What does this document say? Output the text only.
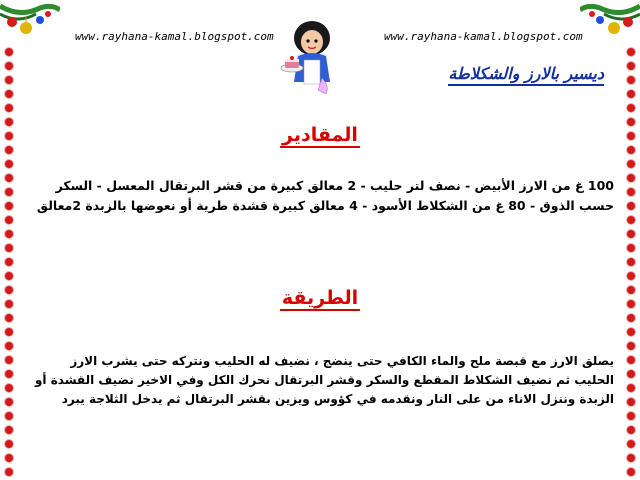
www.rayhana-kamal.blogspot.com	www.rayhana-kamal.blogspot.com
ديسير بالارز والشكلاطة
المقادير
100 غ من الارز الأبيض - نصف لتر حليب - 2 معالق كبيرة من قشر البرتقال المعسل - السكر
حسب الذوق - 80 غ من الشكلاط الأسود - 4 معالق كبيرة قشدة طرية أو نعوضها بالزبدة 2معالق
الطريقة
يصلق الارز مع قبصة ملح والماء الكافي حتى ينضج ، نضيف له الحليب ونتركه حتى يشرب الارز
الحليب ثم نضيف الشكلاط المقطع والسكر وقشر البرتقال نحرك الكل وفي الاخير نضيف القشدة أو
الزبدة وننزل الاناء من على النار ونقدمه في كؤوس ويزين بقشر البرتقال ثم يدخل الثلاجة يبرد
